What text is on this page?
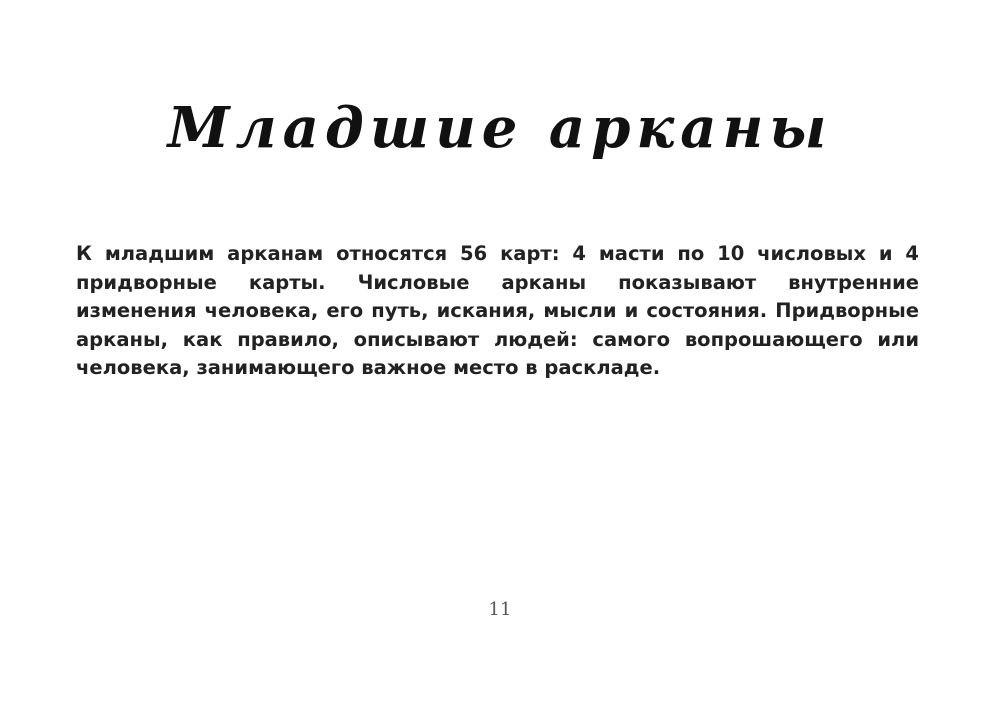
Младшие арканы
К младшим арканам относятся 56 карт: 4 масти по 10 числовых и 4 придворные карты. Числовые арканы показывают внутренние изменения человека, его путь, искания, мысли и состояния. Придворные арканы, как правило, описывают людей: самого вопрошающего или человека, занимающего важное место в раскладе.
11
